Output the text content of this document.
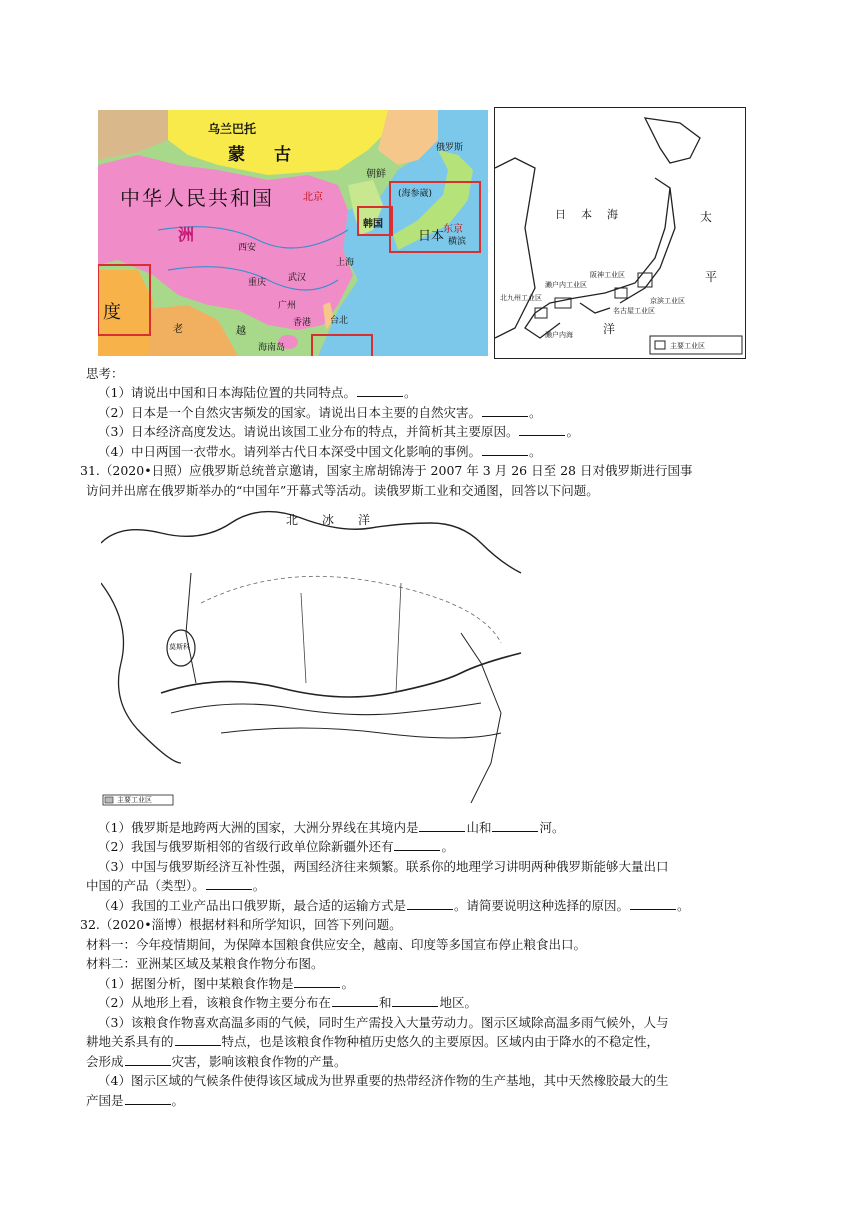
乌兰巴托
蒙　古
中华人民共和国
洲
北京
朝鲜
韩国
日本
东京
横滨
(海参崴)
俄罗斯
上海
西安
重庆 武汉
广州
香港 台北
海南岛
老	越
度
日　本　海	太
平
洋
京滨工业区
阪神工业区
濑户内工业区
北九州工业区
名古屋工业区
濑户内海
主要工业区
思考：
（1）请说出中国和日本海陆位置的共同特点。	。
（2）日本是一个自然灾害频发的国家。请说出日本主要的自然灾害。	。
（3）日本经济高度发达。请说出该国工业分布的特点，并简析其主要原因。	。
（4）中日两国一衣带水。请列举古代日本深受中国文化影响的事例。	。
31.（2020•日照）应俄罗斯总统普京邀请，国家主席胡锦涛于 2007 年 3 月 26 日至 28 日对俄罗斯进行国事
访问并出席在俄罗斯举办的“中国年”开幕式等活动。读俄罗斯工业和交通图，回答以下问题。
北　冰　洋
莫斯科
主要工业区
（1）俄罗斯是地跨两大洲的国家，大洲分界线在其境内是	山和	河。
（2）我国与俄罗斯相邻的省级行政单位除新疆外还有	。
（3）中国与俄罗斯经济互补性强，两国经济往来频繁。联系你的地理学习讲明两种俄罗斯能够大量出口
中国的产品（类型）。	。
（4）我国的工业产品出口俄罗斯，最合适的运输方式是	。请简要说明这种选择的原因。	。
32.（2020•淄博）根据材料和所学知识，回答下列问题。
材料一：今年疫情期间，为保障本国粮食供应安全，越南、印度等多国宣布停止粮食出口。
材料二：亚洲某区域及某粮食作物分布图。
（1）据图分析，图中某粮食作物是	。
（2）从地形上看，该粮食作物主要分布在	和	地区。
（3）该粮食作物喜欢高温多雨的气候，同时生产需投入大量劳动力。图示区域除高温多雨气候外，人与
耕地关系具有的	特点，也是该粮食作物种植历史悠久的主要原因。区域内由于降水的不稳定性，
会形成	灾害，影响该粮食作物的产量。
（4）图示区域的气候条件使得该区域成为世界重要的热带经济作物的生产基地，其中天然橡胶最大的生
产国是	。
